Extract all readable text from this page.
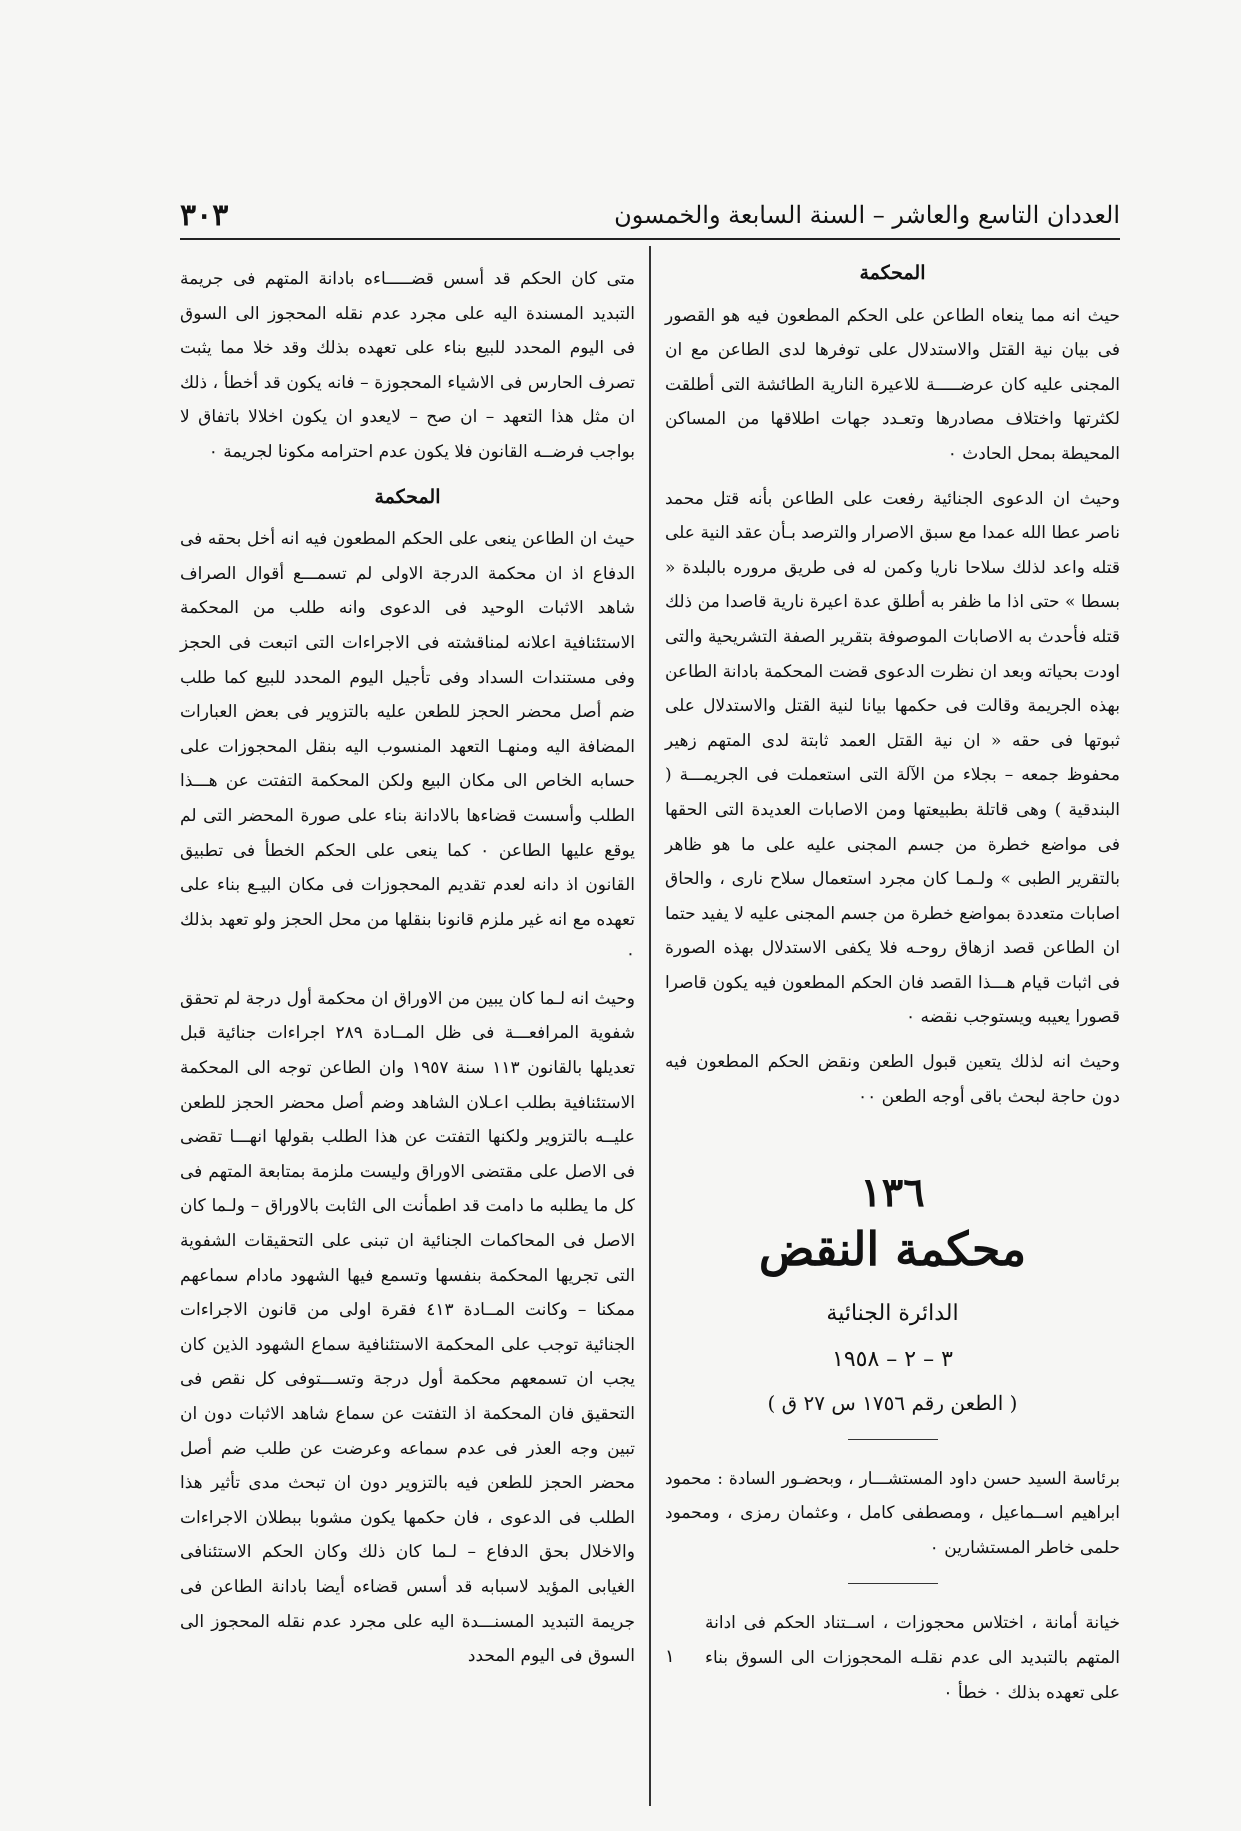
العددان التاسع والعاشر – السنة السابعة والخمسون
٣٠٣
المحكمة

حيث انه مما ينعاه الطاعن على الحكم المطعون فيه هو القصور فى بيان نية القتل والاستدلال على توفرها لدى الطاعن مع ان المجنى عليه كان عرضـــــة للاعيرة النارية الطائشة التى أطلقت لكثرتها واختلاف مصادرها وتعـدد جهات اطلاقها من المساكن المحيطة بمحل الحادث ٠

وحيث ان الدعوى الجنائية رفعت على الطاعن بأنه قتل محمد ناصر عطا الله عمدا مع سبق الاصرار والترصد بـأن عقد النية على قتله واعد لذلك سلاحا ناريا وكمن له فى طريق مروره بالبلدة « بسطا » حتى اذا ما ظفر به أطلق عدة اعيرة نارية قاصدا من ذلك قتله فأحدث به الاصابات الموصوفة بتقرير الصفة التشريحية والتى اودت بحياته وبعد ان نظرت الدعوى قضت المحكمة بادانة الطاعن بهذه الجريمة وقالت فى حكمها بيانا لنية القتل والاستدلال على ثبوتها فى حقه « ان نية القتل العمد ثابتة لدى المتهم زهير محفوظ جمعه – بجلاء من الآلة التى استعملت فى الجريمـــة ( البندقية ) وهى قاتلة بطبيعتها ومن الاصابات العديدة التى الحقها فى مواضع خطرة من جسم المجنى عليه على ما هو ظاهر بالتقرير الطبى » ولـمـا كان مجرد استعمال سلاح نارى ، والحاق اصابات متعددة بمواضع خطرة من جسم المجنى عليه لا يفيد حتما ان الطاعن قصد ازهاق روحـه فلا يكفى الاستدلال بهذه الصورة فى اثبات قيام هـــذا القصد فان الحكم المطعون فيه يكون قاصرا قصورا يعيبه ويستوجب نقضه ٠

وحيث انه لذلك يتعين قبول الطعن ونقض الحكم المطعون فيه دون حاجة لبحث باقى أوجه الطعن ٠٠

١٣٦
محكمة النقض
الدائرة الجنائية
٣ – ٢ – ١٩٥٨
( الطعن رقم ١٧٥٦ س ٢٧ ق )

برئاسة السيد حسن داود المستشـــار ، وبحضـور السادة : محمود ابراهيم اســماعيل ، ومصطفى كامل ، وعثمان رمزى ، ومحمود حلمى خاطر المستشارين ٠

١
خيانة أمانة ، اختلاس محجوزات ، اســتناد الحكم فى ادانة المتهم بالتبديد الى عدم نقلـه المحجوزات الى السوق بناء على تعهده بذلك ٠ خطأ ٠

متى كان الحكم قد أسس قضـــــاءه بادانة المتهم فى جريمة التبديد المسندة اليه على مجرد عدم نقله المحجوز الى السوق فى اليوم المحدد للبيع بناء على تعهده بذلك وقد خلا مما يثبت تصرف الحارس فى الاشياء المحجوزة – فانه يكون قد أخطأ ، ذلك ان مثل هذا التعهد – ان صح – لايعدو ان يكون اخلالا باتفاق لا بواجب فرضــه القانون فلا يكون عدم احترامه مكونا لجريمة ٠

المحكمة

حيث ان الطاعن ينعى على الحكم المطعون فيه انه أخل بحقه فى الدفاع اذ ان محكمة الدرجة الاولى لم تسمـــع أقوال الصراف شاهد الاثبات الوحيد فى الدعوى وانه طلب من المحكمة الاستئنافية اعلانه لمناقشته فى الاجراءات التى اتبعت فى الحجز وفى مستندات السداد وفى تأجيل اليوم المحدد للبيع كما طلب ضم أصل محضر الحجز للطعن عليه بالتزوير فى بعض العبارات المضافة اليه ومنهـا التعهد المنسوب اليه بنقل المحجوزات على حسابه الخاص الى مكان البيع ولكن المحكمة التفتت عن هـــذا الطلب وأسست قضاءها بالادانة بناء على صورة المحضر التى لم يوقع عليها الطاعن ٠ كما ينعى على الحكم الخطأ فى تطبيق القانون اذ دانه لعدم تقديم المحجوزات فى مكان البيـع بناء على تعهده مع انه غير ملزم قانونا بنقلها من محل الحجز ولو تعهد بذلك ٠

وحيث انه لـما كان يبين من الاوراق ان محكمة أول درجة لم تحقق شفوية المرافعـــة فى ظل المــادة ٢٨٩ اجراءات جنائية قبل تعديلها بالقانون ١١٣ سنة ١٩٥٧ وان الطاعن توجه الى المحكمة الاستئنافية بطلب اعـلان الشاهد وضم أصل محضر الحجز للطعن عليــه بالتزوير ولكنها التفتت عن هذا الطلب بقولها انهـــا تقضى فى الاصل على مقتضى الاوراق وليست ملزمة بمتابعة المتهم فى كل ما يطلبه ما دامت قد اطمأنت الى الثابت بالاوراق – ولـما كان الاصل فى المحاكمات الجنائية ان تبنى على التحقيقات الشفوية التى تجريها المحكمة بنفسها وتسمع فيها الشهود مادام سماعهم ممكنا – وكانت المــادة ٤١٣ فقرة اولى من قانون الاجراءات الجنائية توجب على المحكمة الاستئنافية سماع الشهود الذين كان يجب ان تسمعهم محكمة أول درجة وتســـتوفى كل نقص فى التحقيق فان المحكمة اذ التفتت عن سماع شاهد الاثبات دون ان تبين وجه العذر فى عدم سماعه وعرضت عن طلب ضم أصل محضر الحجز للطعن فيه بالتزوير دون ان تبحث مدى تأثير هذا الطلب فى الدعوى ، فان حكمها يكون مشوبا ببطلان الاجراءات والاخلال بحق الدفاع – لـما كان ذلك وكان الحكم الاستئنافى الغيابى المؤيد لاسبابه قد أسس قضاءه أيضا بادانة الطاعن فى جريمة التبديد المسنـــدة اليه على مجرد عدم نقله المحجوز الى السوق فى اليوم المحدد
